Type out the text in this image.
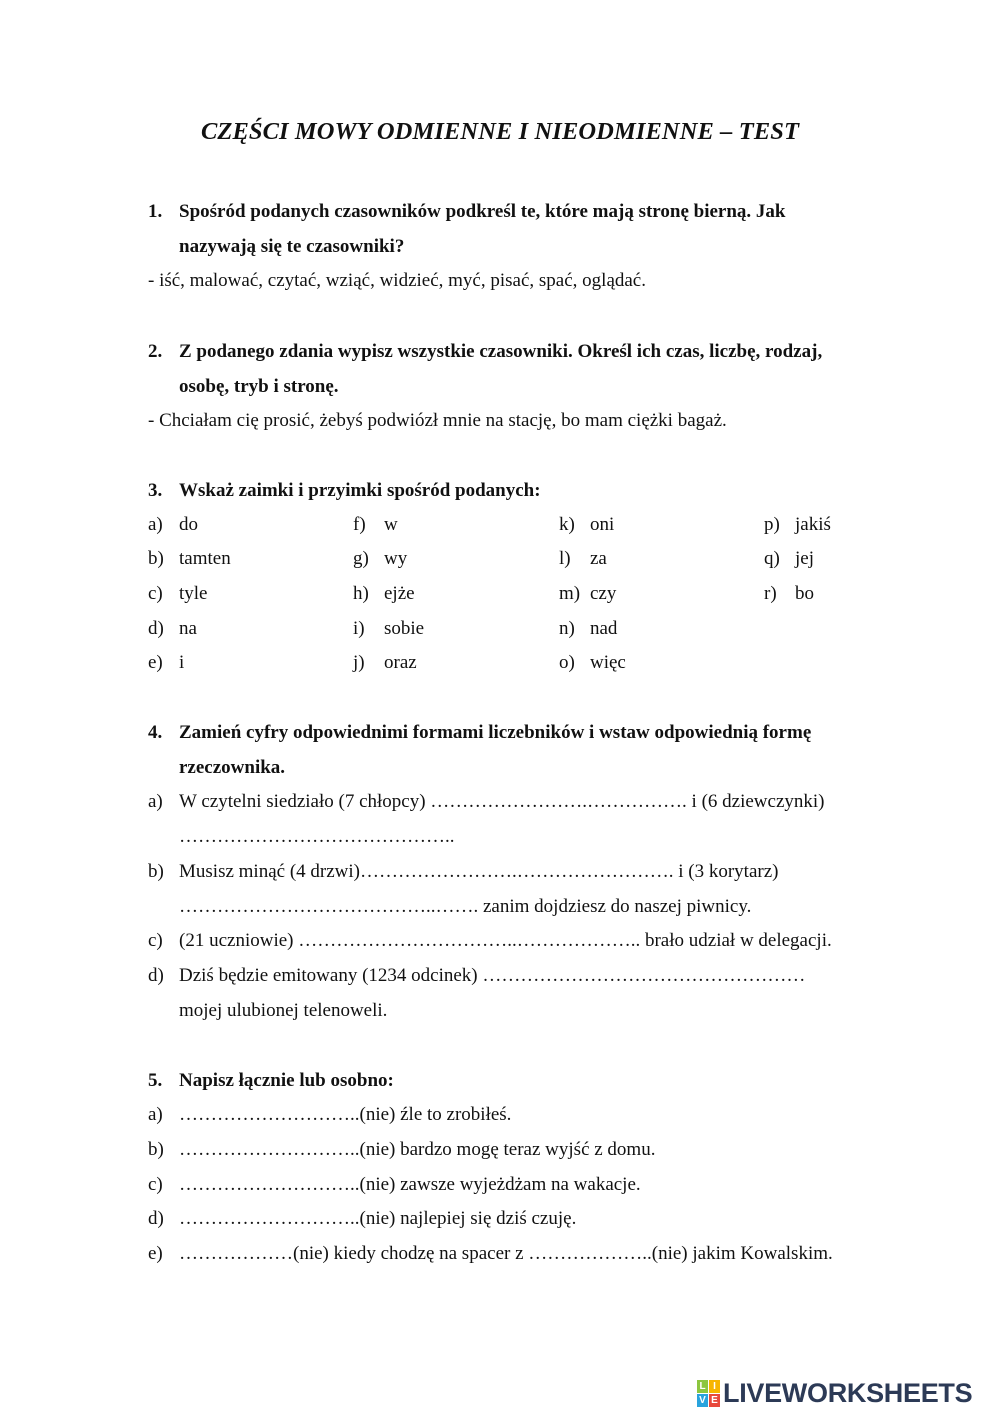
CZĘŚCI MOWY ODMIENNE I NIEODMIENNE – TEST
1. Spośród podanych czasowników podkreśl te, które mają stronę bierną. Jak
nazywają się te czasowniki?
- iść, malować, czytać, wziąć, widzieć, myć, pisać, spać, oglądać.
2. Z podanego zdania wypisz wszystkie czasowniki. Określ ich czas, liczbę, rodzaj,
osobę, tryb i stronę.
- Chciałam cię prosić, żebyś podwiózł mnie na stację, bo mam ciężki bagaż.
3. Wskaż zaimki i przyimki spośród podanych:
a) do
b) tamten
c) tyle
d) na
e) i
f) w
g) wy
h) ejże
i) sobie
j) oraz
k) oni
l) za
m) czy
n) nad
o) więc
p) jakiś
q) jej
r) bo
4. Zamień cyfry odpowiednimi formami liczebników i wstaw odpowiednią formę
rzeczownika.
a) W czytelni siedziało (7 chłopcy) …………………….……………. i (6 dziewczynki)
……………………………………..
b) Musisz minąć (4 drzwi)…………………….……………………. i (3 korytarz)
…………………………………..……. zanim dojdziesz do naszej piwnicy.
c) (21 uczniowie) ……………………………..……………….. brało udział w delegacji.
d) Dziś będzie emitowany (1234 odcinek) ……………………………………………
mojej ulubionej telenoweli.
5. Napisz łącznie lub osobno:
a) ………………………..(nie) źle to zrobiłeś.
b) ………………………..(nie) bardzo mogę teraz wyjść z domu.
c) ………………………..(nie) zawsze wyjeżdżam na wakacje.
d) ………………………..(nie) najlepiej się dziś czuję.
e) ………………(nie) kiedy chodzę na spacer z ………………..(nie) jakim Kowalskim.
L I
V E LIVEWORKSHEETS
